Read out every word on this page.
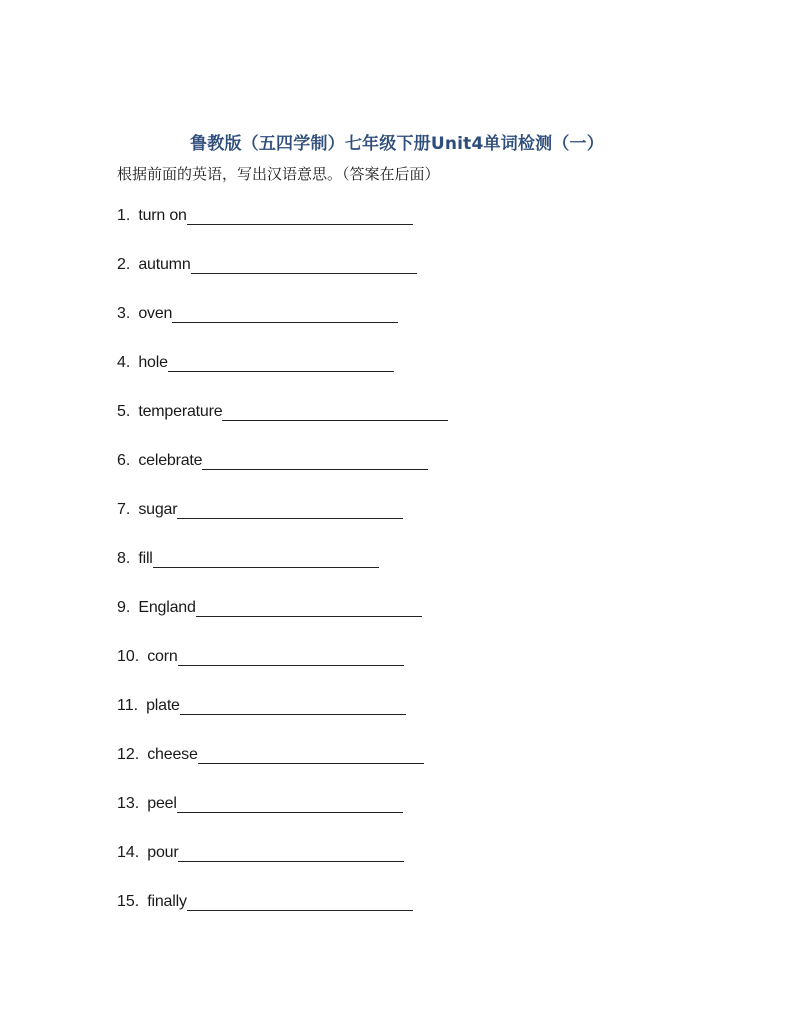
鲁教版（五四学制）七年级下册Unit4单词检测（一）
根据前面的英语，写出汉语意思。（答案在后面）
1. turn on
2. autumn
3. oven
4. hole
5. temperature
6. celebrate
7. sugar
8. fill
9. England
10. corn
11. plate
12. cheese
13. peel
14. pour
15. finally
